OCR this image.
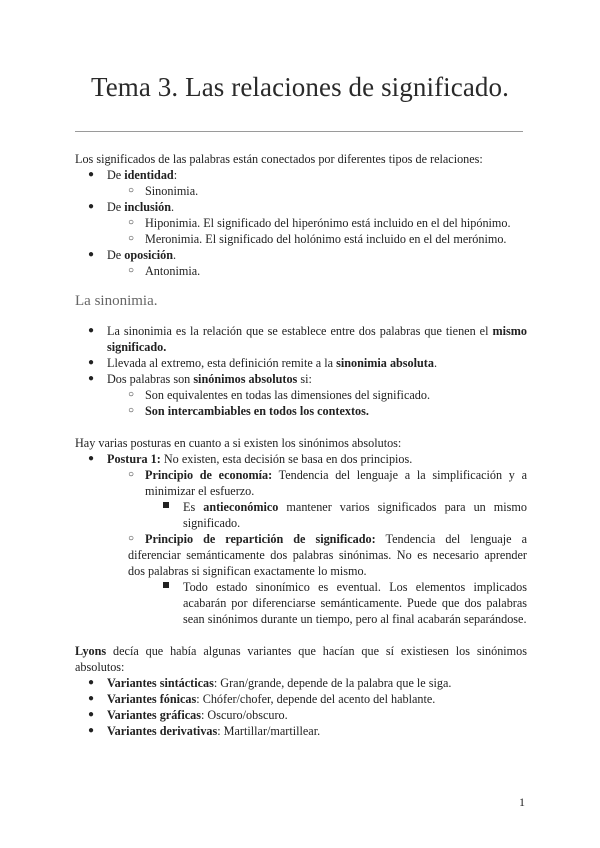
Tema 3. Las relaciones de significado.

Los significados de las palabras están conectados por diferentes tipos de relaciones:

● De identidad:
○ Sinonimia.
● De inclusión.
○ Hiponimia. El significado del hiperónimo está incluido en el del hipónimo.
○ Meronimia. El significado del holónimo está incluido en el del merónimo.
● De oposición.
○ Antonimia.
La sinonimia.
● La sinonimia es la relación que se establece entre dos palabras que tienen el mismo significado.
● Llevada al extremo, esta definición remite a la sinonimia absoluta.
● Dos palabras son sinónimos absolutos si:
○ Son equivalentes en todas las dimensiones del significado.
○ Son intercambiables en todos los contextos.

Hay varias posturas en cuanto a si existen los sinónimos absolutos:

● Postura 1: No existen, esta decisión se basa en dos principios.
○ Principio de economía: Tendencia del lenguaje a la simplificación y a minimizar el esfuerzo.
Es antieconómico mantener varios significados para un mismo significado.
○ Principio de repartición de significado: Tendencia del lenguaje a diferenciar semánticamente dos palabras sinónimas. No es necesario aprender dos palabras si significan exactamente lo mismo.
Todo estado sinonímico es eventual. Los elementos implicados acabarán por diferenciarse semánticamente. Puede que dos palabras sean sinónimos durante un tiempo, pero al final acabarán separándose.

Lyons decía que había algunas variantes que hacían que sí existiesen los sinónimos absolutos:

● Variantes sintácticas: Gran/grande, depende de la palabra que le siga.
● Variantes fónicas: Chófer/chofer, depende del acento del hablante.
● Variantes gráficas: Oscuro/obscuro.
● Variantes derivativas: Martillar/martillear.
1
